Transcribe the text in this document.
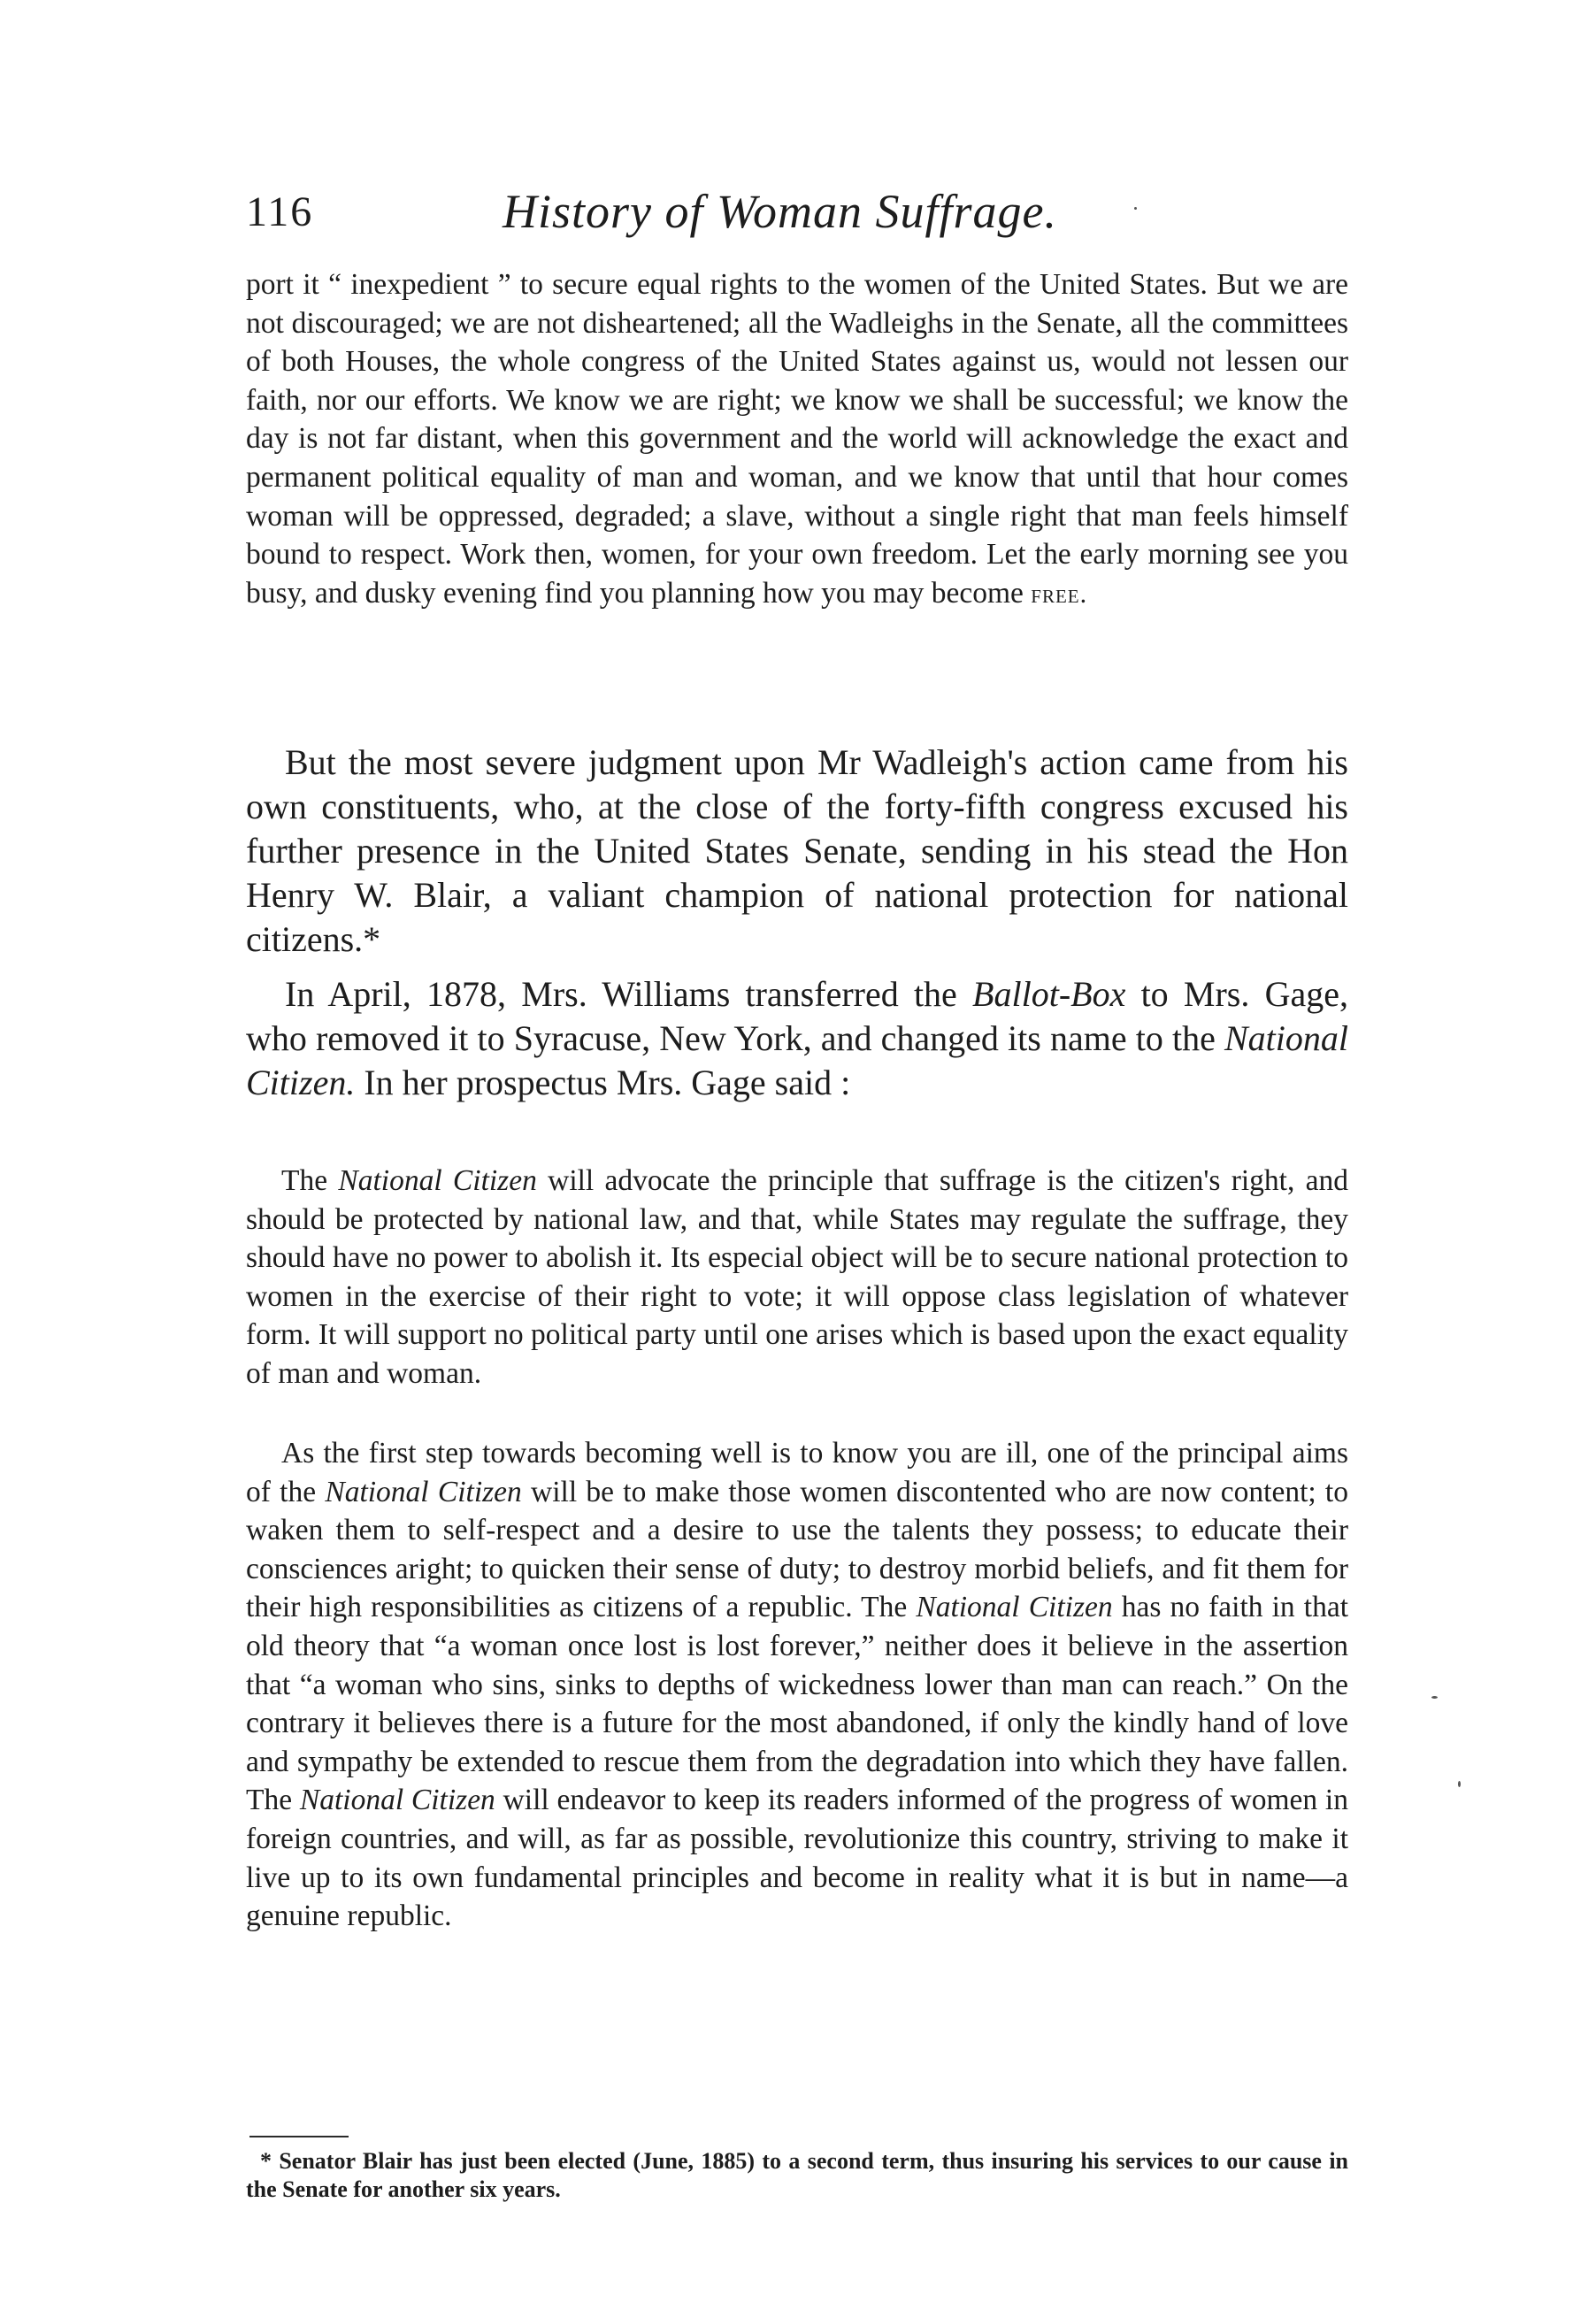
116	History of Woman Suffrage.

port it “ inexpedient ” to secure equal rights to the women of the United States. But we are not discouraged; we are not disheartened; all the Wadleighs in the Senate, all the committees of both Houses, the whole congress of the United States against us, would not lessen our faith, nor our efforts. We know we are right; we know we shall be successful; we know the day is not far distant, when this government and the world will acknowledge the exact and permanent political equality of man and woman, and we know that until that hour comes woman will be oppressed, degraded; a slave, without a single right that man feels himself bound to respect. Work then, women, for your own freedom. Let the early morning see you busy, and dusky evening find you planning how you may become free.

But the most severe judgment upon Mr Wadleigh's action came from his own constituents, who, at the close of the forty-fifth congress excused his further presence in the United States Senate, sending in his stead the Hon Henry W. Blair, a valiant champion of national protection for national citizens.*

In April, 1878, Mrs. Williams transferred the Ballot-Box to Mrs. Gage, who removed it to Syracuse, New York, and changed its name to the National Citizen. In her prospectus Mrs. Gage said :

The National Citizen will advocate the principle that suffrage is the citizen's right, and should be protected by national law, and that, while States may regulate the suffrage, they should have no power to abolish it. Its especial object will be to secure national protection to women in the exercise of their right to vote; it will oppose class legislation of whatever form. It will support no political party until one arises which is based upon the exact equality of man and woman.

As the first step towards becoming well is to know you are ill, one of the principal aims of the National Citizen will be to make those women discontented who are now content; to waken them to self-respect and a desire to use the talents they possess; to educate their consciences aright; to quicken their sense of duty; to destroy morbid beliefs, and fit them for their high responsibilities as citizens of a republic. The National Citizen has no faith in that old theory that “a woman once lost is lost forever,” neither does it believe in the assertion that “a woman who sins, sinks to depths of wickedness lower than man can reach.” On the contrary it believes there is a future for the most abandoned, if only the kindly hand of love and sympathy be extended to rescue them from the degradation into which they have fallen. The National Citizen will endeavor to keep its readers informed of the progress of women in foreign countries, and will, as far as possible, revolutionize this country, striving to make it live up to its own fundamental principles and become in reality what it is but in name—a genuine republic.

* Senator Blair has just been elected (June, 1885) to a second term, thus insuring his services to our cause in the Senate for another six years.
